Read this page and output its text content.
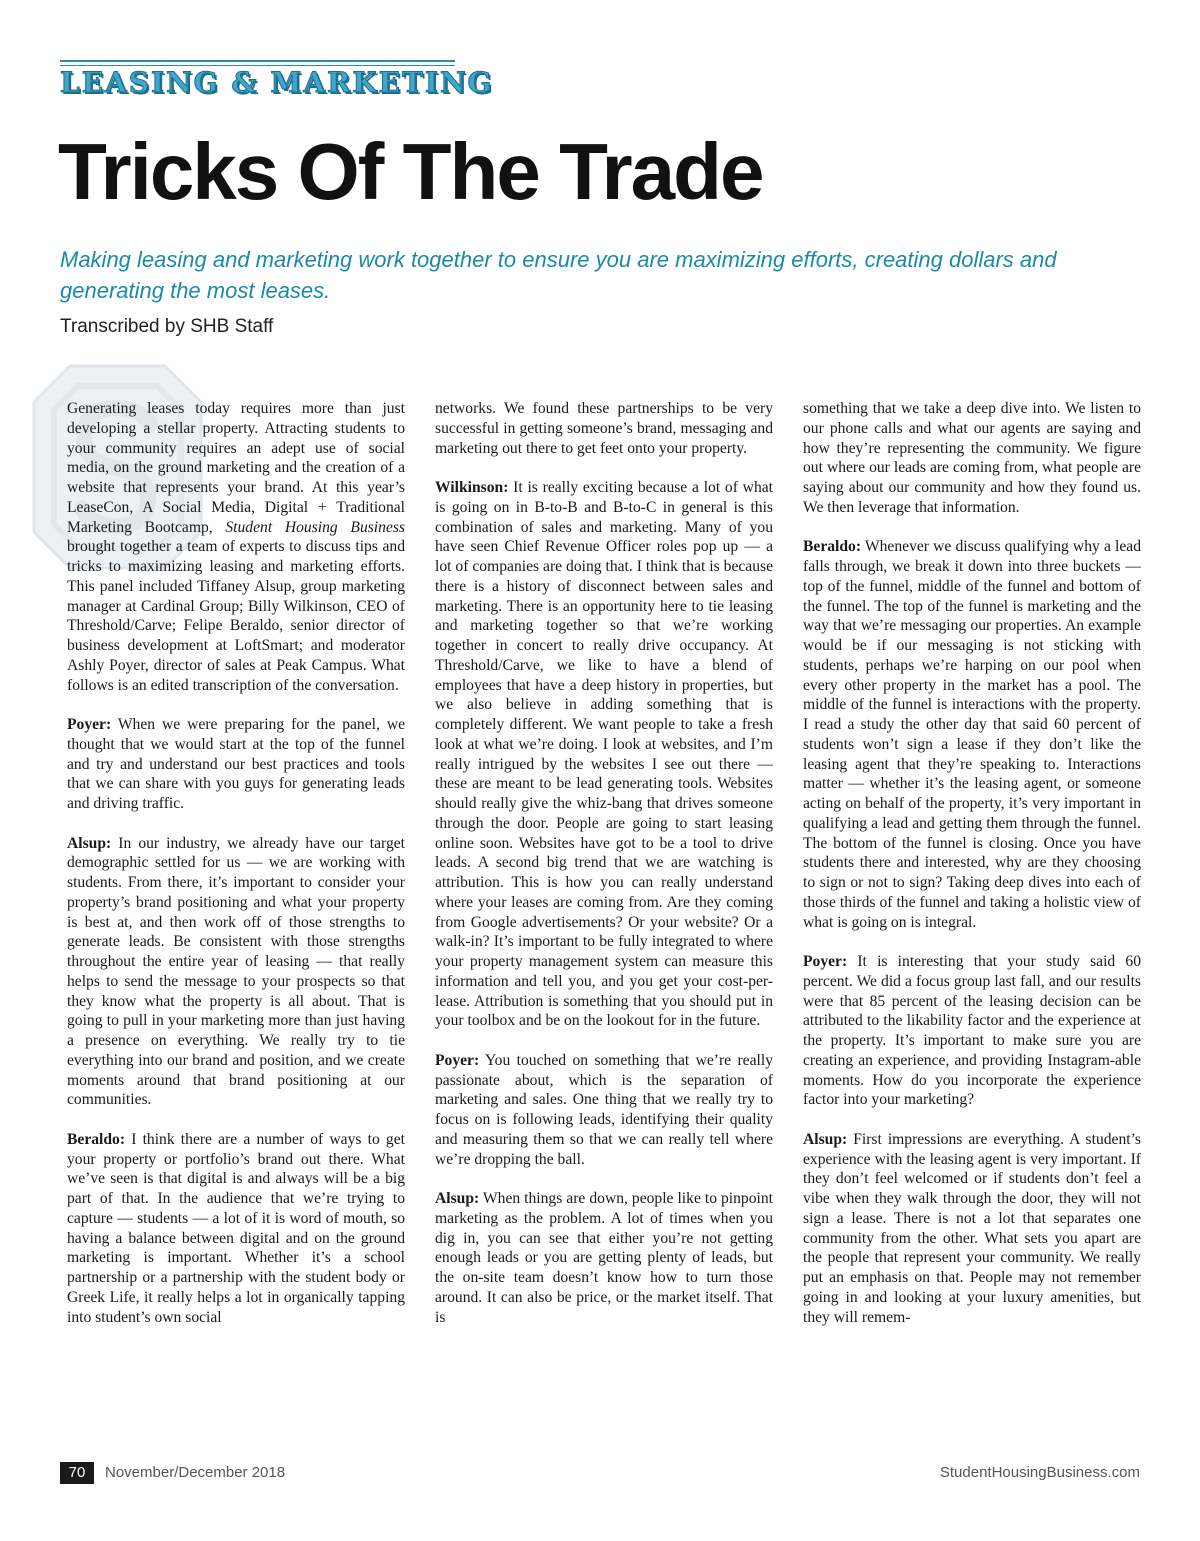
LEASING & MARKETING
Tricks Of The Trade
Making leasing and marketing work together to ensure you are maximizing efforts, creating dollars and generating the most leases.
Transcribed by SHB Staff

Generating leases today requires more than just developing a stellar property. Attracting students to your community requires an adept use of social media, on the ground marketing and the creation of a website that represents your brand. At this year’s LeaseCon, A Social Media, Digital + Traditional Marketing Bootcamp, Student Housing Business brought together a team of experts to discuss tips and tricks to maximizing leasing and marketing efforts. This panel included Tiffaney Alsup, group marketing manager at Cardinal Group; Billy Wilkinson, CEO of Threshold/Carve; Felipe Beraldo, senior director of business development at LoftSmart; and moderator Ashly Poyer, director of sales at Peak Campus. What follows is an edited transcription of the conversation.

Poyer: When we were preparing for the panel, we thought that we would start at the top of the funnel and try and understand our best practices and tools that we can share with you guys for generating leads and driving traffic.

Alsup: In our industry, we already have our target demographic settled for us — we are working with students. From there, it’s important to consider your property’s brand positioning and what your property is best at, and then work off of those strengths to generate leads. Be consistent with those strengths throughout the entire year of leasing — that really helps to send the message to your prospects so that they know what the property is all about. That is going to pull in your marketing more than just having a presence on everything. We really try to tie everything into our brand and position, and we create moments around that brand positioning at our communities.

Beraldo: I think there are a number of ways to get your property or portfolio’s brand out there. What we’ve seen is that digital is and always will be a big part of that. In the audience that we’re trying to capture — students — a lot of it is word of mouth, so having a balance between digital and on the ground marketing is important. Whether it’s a school partnership or a partnership with the student body or Greek Life, it really helps a lot in organically tapping into student’s own social

networks. We found these partnerships to be very successful in getting someone’s brand, messaging and marketing out there to get feet onto your property.

Wilkinson: It is really exciting because a lot of what is going on in B-to-B and B-to-C in general is this combination of sales and marketing. Many of you have seen Chief Revenue Officer roles pop up — a lot of companies are doing that. I think that is because there is a history of disconnect between sales and marketing. There is an opportunity here to tie leasing and marketing together so that we’re working together in concert to really drive occupancy. At Threshold/Carve, we like to have a blend of employees that have a deep history in properties, but we also believe in adding something that is completely different. We want people to take a fresh look at what we’re doing. I look at websites, and I’m really intrigued by the websites I see out there — these are meant to be lead generating tools. Websites should really give the whiz-bang that drives someone through the door. People are going to start leasing online soon. Websites have got to be a tool to drive leads. A second big trend that we are watching is attribution. This is how you can really understand where your leases are coming from. Are they coming from Google advertisements? Or your website? Or a walk-in? It’s important to be fully integrated to where your property management system can measure this information and tell you, and you get your cost-per-lease. Attribution is something that you should put in your toolbox and be on the lookout for in the future.

Poyer: You touched on something that we’re really passionate about, which is the separation of marketing and sales. One thing that we really try to focus on is following leads, identifying their quality and measuring them so that we can really tell where we’re dropping the ball.

Alsup: When things are down, people like to pinpoint marketing as the problem. A lot of times when you dig in, you can see that either you’re not getting enough leads or you are getting plenty of leads, but the on-site team doesn’t know how to turn those around. It can also be price, or the market itself. That is

something that we take a deep dive into. We listen to our phone calls and what our agents are saying and how they’re representing the community. We figure out where our leads are coming from, what people are saying about our community and how they found us. We then leverage that information.

Beraldo: Whenever we discuss qualifying why a lead falls through, we break it down into three buckets — top of the funnel, middle of the funnel and bottom of the funnel. The top of the funnel is marketing and the way that we’re messaging our properties. An example would be if our messaging is not sticking with students, perhaps we’re harping on our pool when every other property in the market has a pool. The middle of the funnel is interactions with the property. I read a study the other day that said 60 percent of students won’t sign a lease if they don’t like the leasing agent that they’re speaking to. Interactions matter — whether it’s the leasing agent, or someone acting on behalf of the property, it’s very important in qualifying a lead and getting them through the funnel. The bottom of the funnel is closing. Once you have students there and interested, why are they choosing to sign or not to sign? Taking deep dives into each of those thirds of the funnel and taking a holistic view of what is going on is integral.

Poyer: It is interesting that your study said 60 percent. We did a focus group last fall, and our results were that 85 percent of the leasing decision can be attributed to the likability factor and the experience at the property. It’s important to make sure you are creating an experience, and providing Instagram-able moments. How do you incorporate the experience factor into your marketing?

Alsup: First impressions are everything. A student’s experience with the leasing agent is very important. If they don’t feel welcomed or if students don’t feel a vibe when they walk through the door, they will not sign a lease. There is not a lot that separates one community from the other. What sets you apart are the people that represent your community. We really put an emphasis on that. People may not remember going in and looking at your luxury amenities, but they will remem-

70	November/December 2018	StudentHousingBusiness.com
